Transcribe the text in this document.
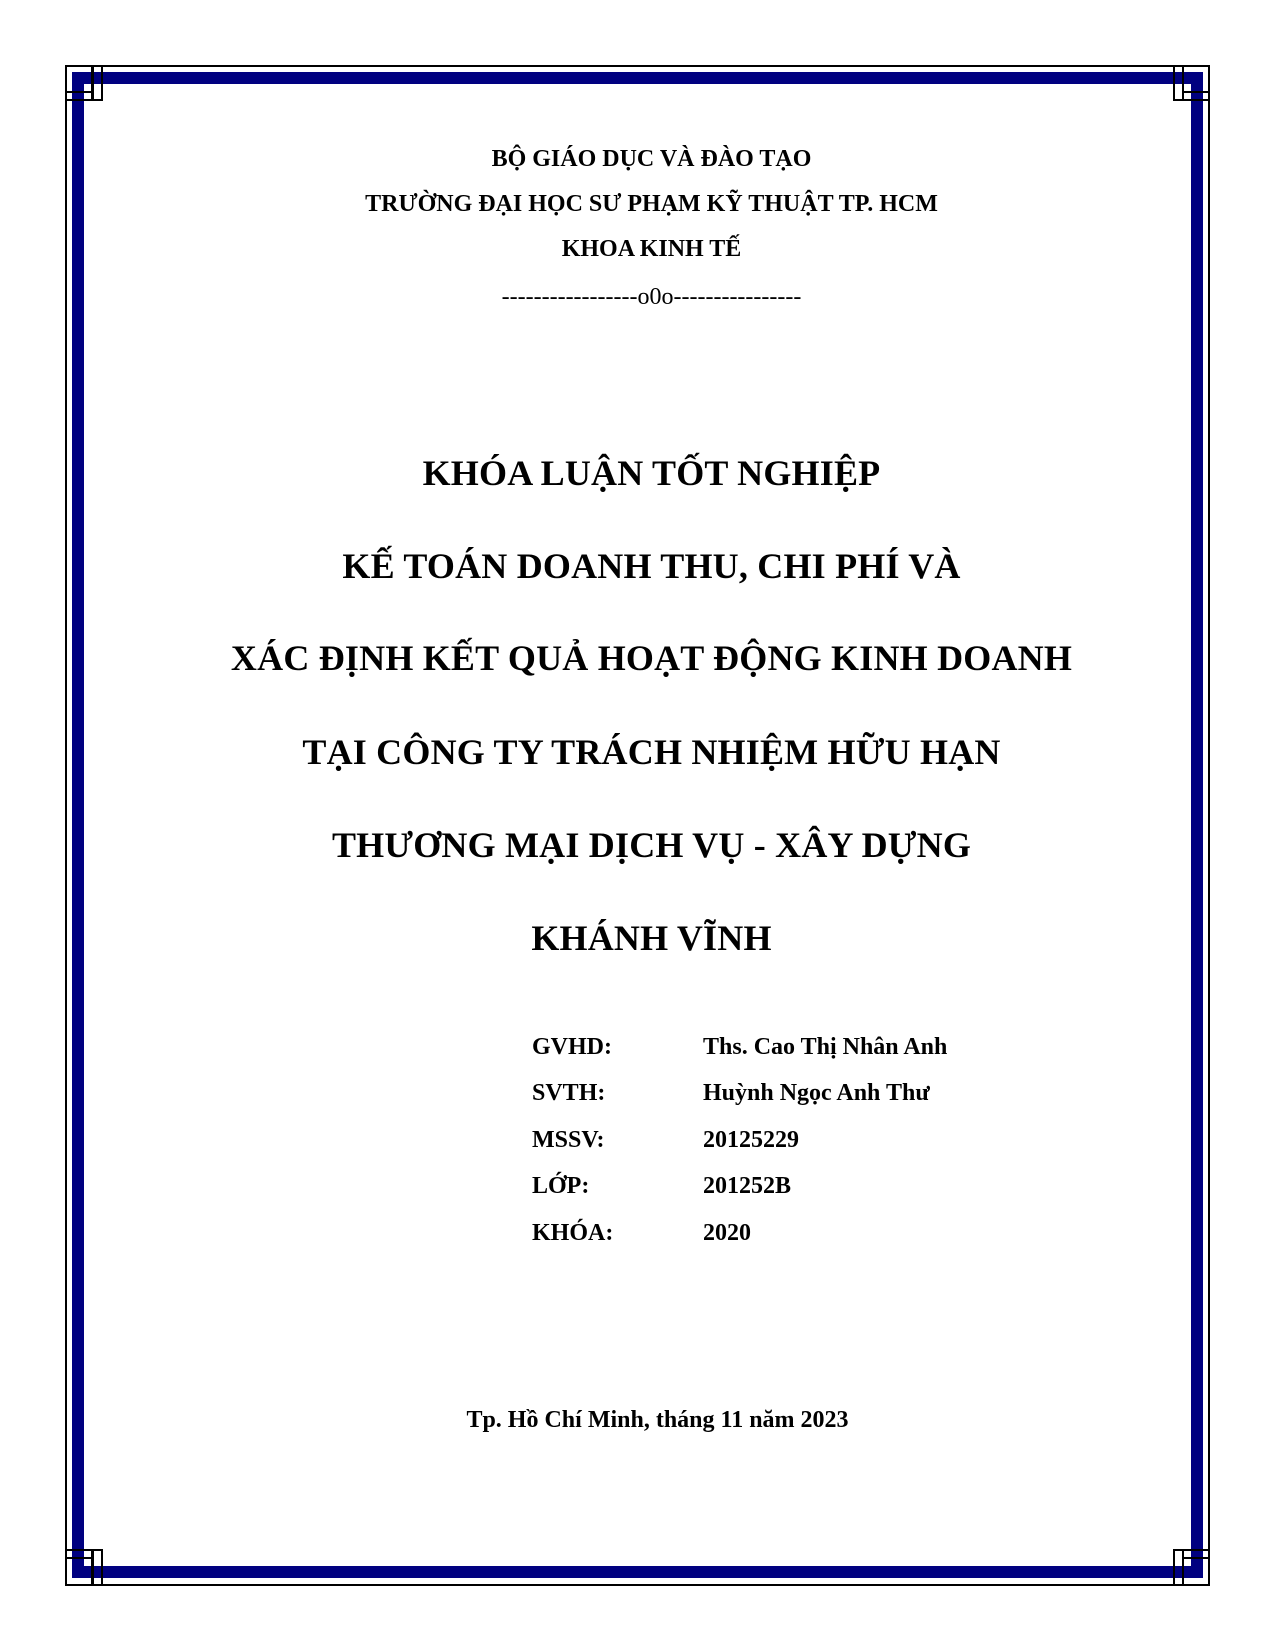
BỘ GIÁO DỤC VÀ ĐÀO TẠO
TRƯỜNG ĐẠI HỌC SƯ PHẠM KỸ THUẬT TP. HCM
KHOA KINH TẾ
-----------------o0o----------------
KHÓA LUẬN TỐT NGHIỆP
KẾ TOÁN DOANH THU, CHI PHÍ VÀ
XÁC ĐỊNH KẾT QUẢ HOẠT ĐỘNG KINH DOANH
TẠI CÔNG TY TRÁCH NHIỆM HỮU HẠN
THƯƠNG MẠI DỊCH VỤ - XÂY DỰNG
KHÁNH VĨNH
GVHD:	Ths. Cao Thị Nhân Anh
SVTH:	Huỳnh Ngọc Anh Thư
MSSV:	20125229
LỚP:	201252B
KHÓA:	2020
Tp. Hồ Chí Minh, tháng 11 năm 2023
